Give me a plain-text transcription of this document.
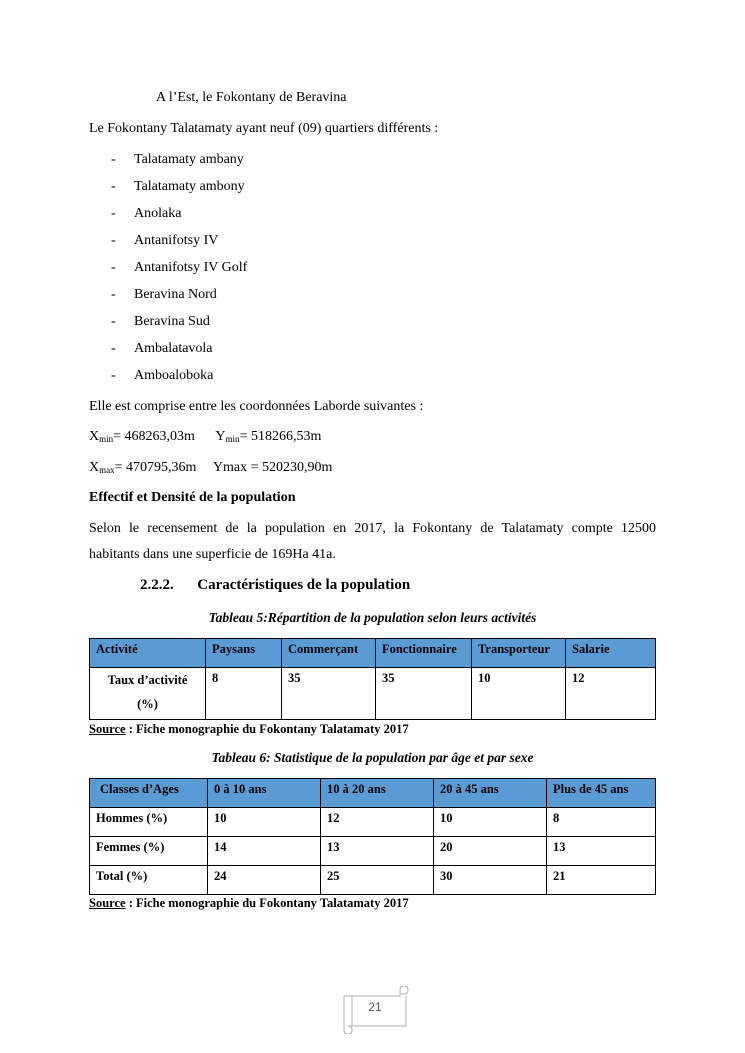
A l’Est, le Fokontany de Beravina
Le Fokontany Talatamaty ayant neuf (09) quartiers différents :
- Talatamaty ambany
- Talatamaty ambony
- Anolaka
- Antanifotsy IV
- Antanifotsy IV Golf
- Beravina Nord
- Beravina Sud
- Ambalatavola
- Amboaloboka
Elle est comprise entre les coordonnées Laborde suivantes :
$X_{min}= 468263,03m$ $Y_{min}= 518266,53m$
$X_{max}= 470795,36m$ Ymax = 520230,90m
Effectif et Densité de la population
Selon le recensement de la population en 2017, la Fokontany de Talatamaty compte 12500
habitants dans une superficie de 169Ha 41a.
2.2.2. Caractéristiques de la population
Tableau 5:Répartition de la population selon leurs activités
Activité	Paysans	Commerçant	Fonctionnaire	Transporteur	Salarie
Taux d’activité
(%)	8	35	35	10	12
Source : Fiche monographie du Fokontany Talatamaty 2017
Tableau 6: Statistique de la population par âge et par sexe
Classes d’Ages	0 à 10 ans	10 à 20 ans	20 à 45 ans	Plus de 45 ans
Hommes (%)	10	12	10	8
Femmes (%)	14	13	20	13
Total (%)	24	25	30	21
Source : Fiche monographie du Fokontany Talatamaty 2017
21
